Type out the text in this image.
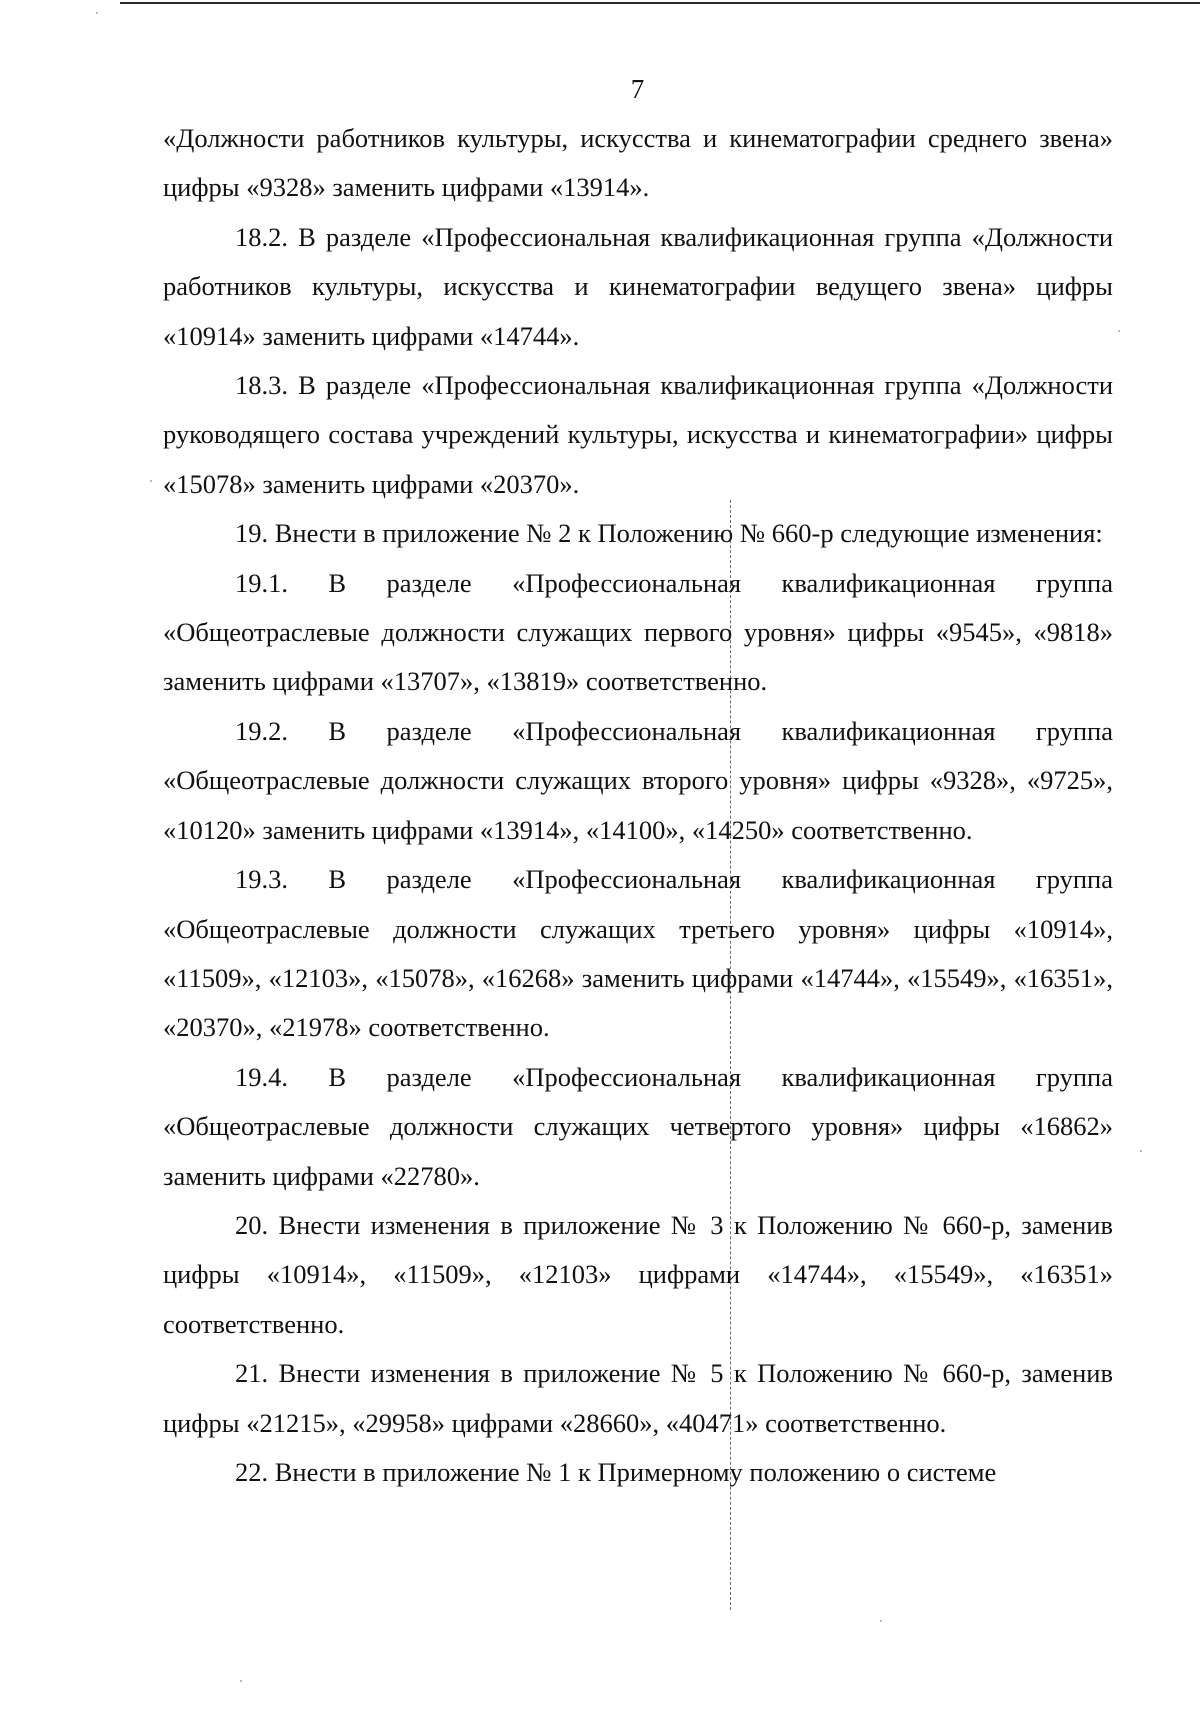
7

«Должности работников культуры, искусства и кинематографии среднего звена» цифры «9328» заменить цифрами «13914».

18.2. В разделе «Профессиональная квалификационная группа «Должности работников культуры, искусства и кинематографии ведущего звена» цифры «10914» заменить цифрами «14744».

18.3. В разделе «Профессиональная квалификационная группа «Должности руководящего состава учреждений культуры, искусства и кинематографии» цифры «15078» заменить цифрами «20370».

19. Внести в приложение № 2 к Положению № 660-р следующие изменения:

19.1. В разделе «Профессиональная квалификационная группа «Общеотраслевые должности служащих первого уровня» цифры «9545», «9818» заменить цифрами «13707», «13819» соответственно.

19.2. В разделе «Профессиональная квалификационная группа «Общеотраслевые должности служащих второго уровня» цифры «9328», «9725», «10120» заменить цифрами «13914», «14100», «14250» соответственно.

19.3. В разделе «Профессиональная квалификационная группа «Общеотраслевые должности служащих третьего уровня» цифры «10914», «11509», «12103», «15078», «16268» заменить цифрами «14744», «15549», «16351», «20370», «21978» соответственно.

19.4. В разделе «Профессиональная квалификационная группа «Общеотраслевые должности служащих четвертого уровня» цифры «16862» заменить цифрами «22780».

20. Внести изменения в приложение № 3 к Положению № 660-р, заменив цифры «10914», «11509», «12103» цифрами «14744», «15549», «16351» соответственно.

21. Внести изменения в приложение № 5 к Положению № 660-р, заменив цифры «21215», «29958» цифрами «28660», «40471» соответственно.

22. Внести в приложение № 1 к Примерному положению о системе
